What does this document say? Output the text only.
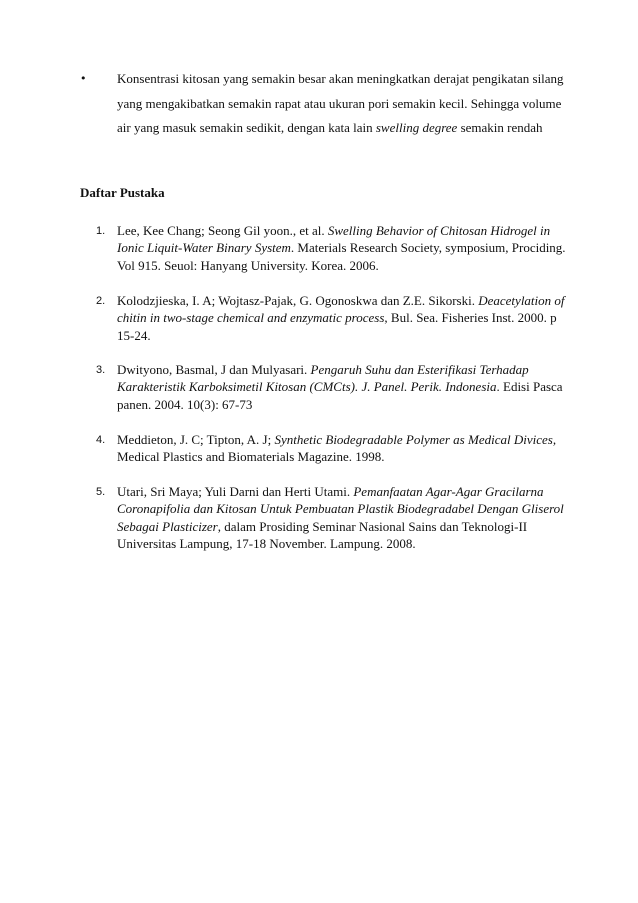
•	Konsentrasi kitosan yang semakin besar akan meningkatkan derajat pengikatan silang yang mengakibatkan semakin rapat atau ukuran pori semakin kecil. Sehingga volume air yang masuk semakin sedikit, dengan kata lain swelling degree semakin rendah
Daftar Pustaka
1. Lee, Kee Chang; Seong Gil yoon., et al. Swelling Behavior of Chitosan Hidrogel in Ionic Liquit-Water Binary System. Materials Research Society, symposium, Prociding. Vol 915. Seuol: Hanyang University. Korea. 2006.
2. Kolodzjieska, I. A; Wojtasz-Pajak, G. Ogonoskwa dan Z.E. Sikorski. Deacetylation of chitin in two-stage chemical and enzymatic process, Bul. Sea. Fisheries Inst. 2000. p 15-24.
3. Dwityono, Basmal, J dan Mulyasari. Pengaruh Suhu dan Esterifikasi Terhadap Karakteristik Karboksimetil Kitosan (CMCts). J. Panel. Perik. Indonesia. Edisi Pasca panen. 2004. 10(3): 67-73
4. Meddieton, J. C; Tipton, A. J; Synthetic Biodegradable Polymer as Medical Divices, Medical Plastics and Biomaterials Magazine. 1998.
5. Utari, Sri Maya; Yuli Darni dan Herti Utami. Pemanfaatan Agar-Agar Gracilarna Coronapifolia dan Kitosan Untuk Pembuatan Plastik Biodegradabel Dengan Gliserol Sebagai Plasticizer, dalam Prosiding Seminar Nasional Sains dan Teknologi-II Universitas Lampung, 17-18 November. Lampung. 2008.
